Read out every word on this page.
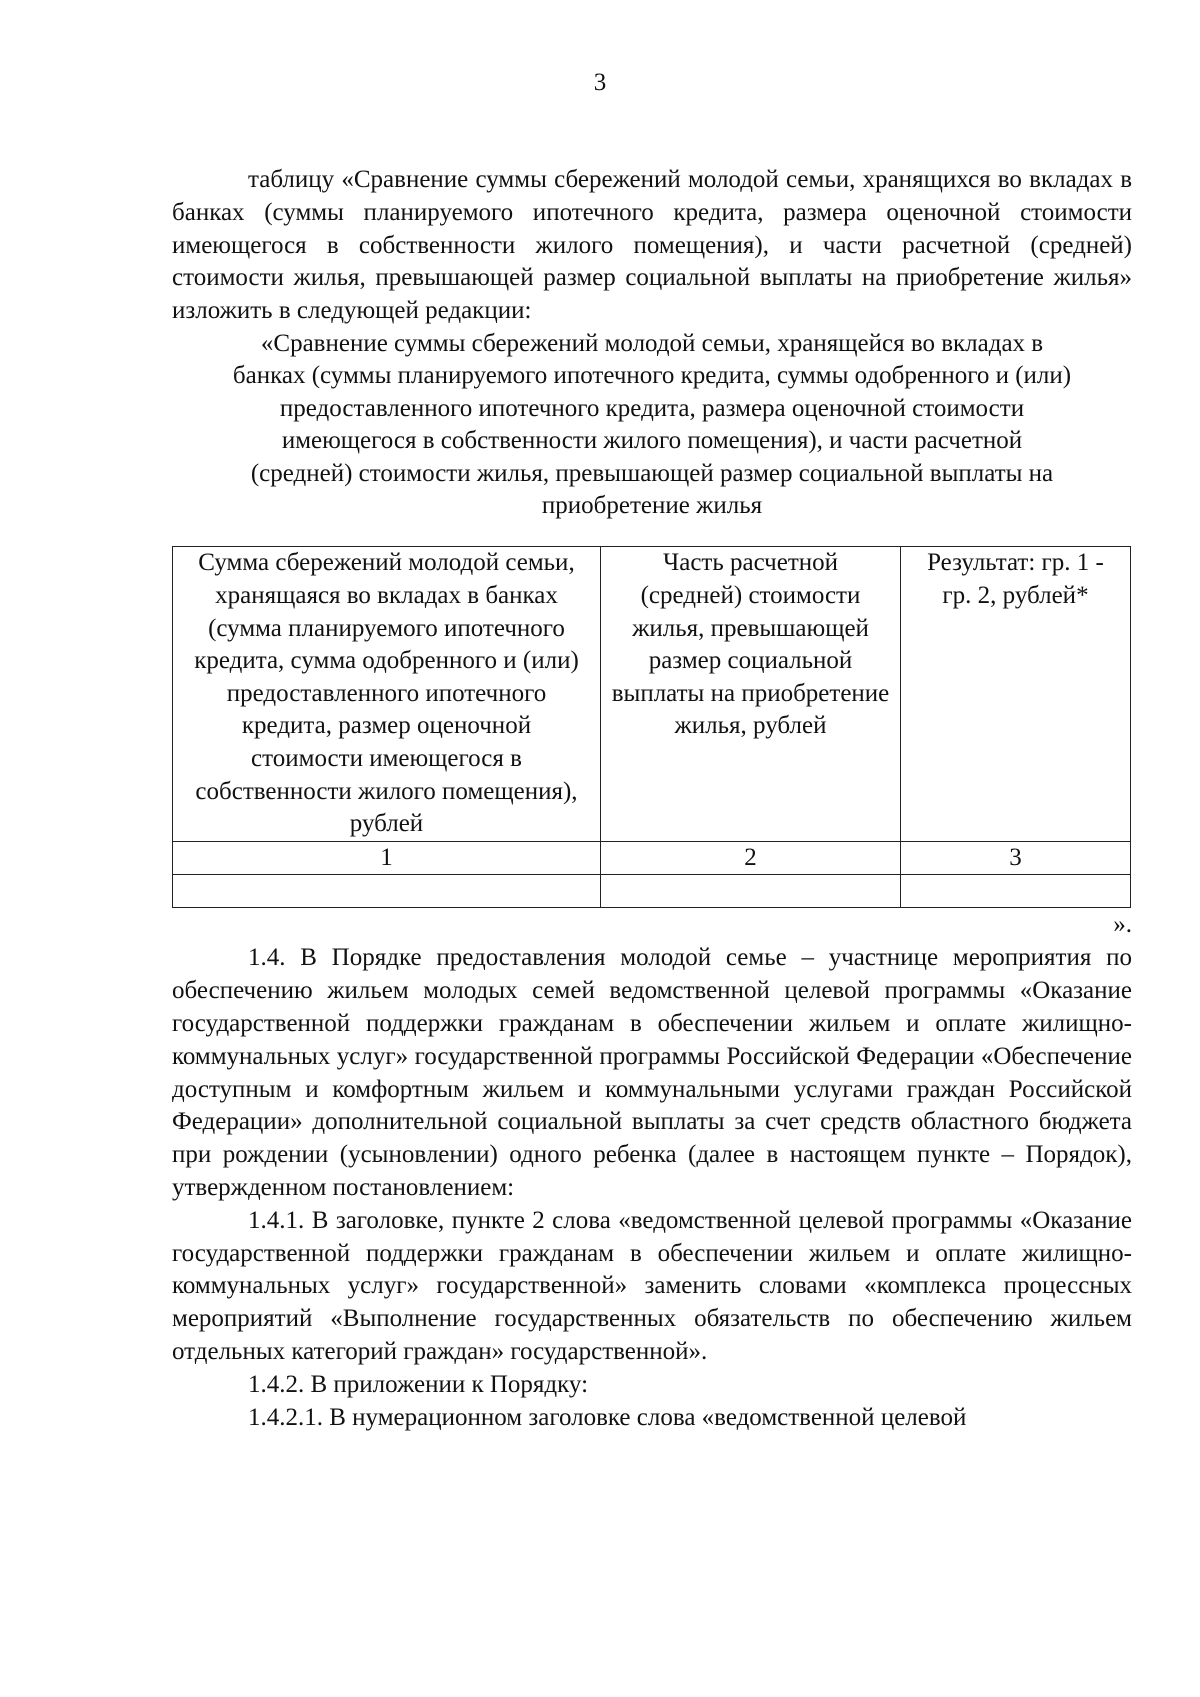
3

таблицу «Сравнение суммы сбережений молодой семьи, хранящихся во вкладах в банках (суммы планируемого ипотечного кредита, размера оценочной стоимости имеющегося в собственности жилого помещения), и части расчетной (средней) стоимости жилья, превышающей размер социальной выплаты на приобретение жилья» изложить в следующей редакции:

«Сравнение суммы сбережений молодой семьи, хранящейся во вкладах в банках (суммы планируемого ипотечного кредита, суммы одобренного и (или) предоставленного ипотечного кредита, размера оценочной стоимости имеющегося в собственности жилого помещения), и части расчетной (средней) стоимости жилья, превышающей размер социальной выплаты на приобретение жилья
Сумма сбережений молодой семьи, хранящаяся во вкладах в банках (сумма планируемого ипотечного кредита, сумма одобренного и (или) предоставленного ипотечного кредита, размер оценочной стоимости имеющегося в собственности жилого помещения), рублей	Часть расчетной (средней) стоимости жилья, превышающей размер социальной выплаты на приобретение жилья, рублей	Результат: гр. 1 - гр. 2, рублей*
1	2	3

».

1.4. В Порядке предоставления молодой семье – участнице мероприятия по обеспечению жильем молодых семей ведомственной целевой программы «Оказание государственной поддержки гражданам в обеспечении жильем и оплате жилищно-коммунальных услуг» государственной программы Российской Федерации «Обеспечение доступным и комфортным жильем и коммунальными услугами граждан Российской Федерации» дополнительной социальной выплаты за счет средств областного бюджета при рождении (усыновлении) одного ребенка (далее в настоящем пункте – Порядок), утвержденном постановлением:

1.4.1. В заголовке, пункте 2 слова «ведомственной целевой программы «Оказание государственной поддержки гражданам в обеспечении жильем и оплате жилищно-коммунальных услуг» государственной» заменить словами «комплекса процессных мероприятий «Выполнение государственных обязательств по обеспечению жильем отдельных категорий граждан» государственной».

1.4.2. В приложении к Порядку:

1.4.2.1. В нумерационном заголовке слова «ведомственной целевой
